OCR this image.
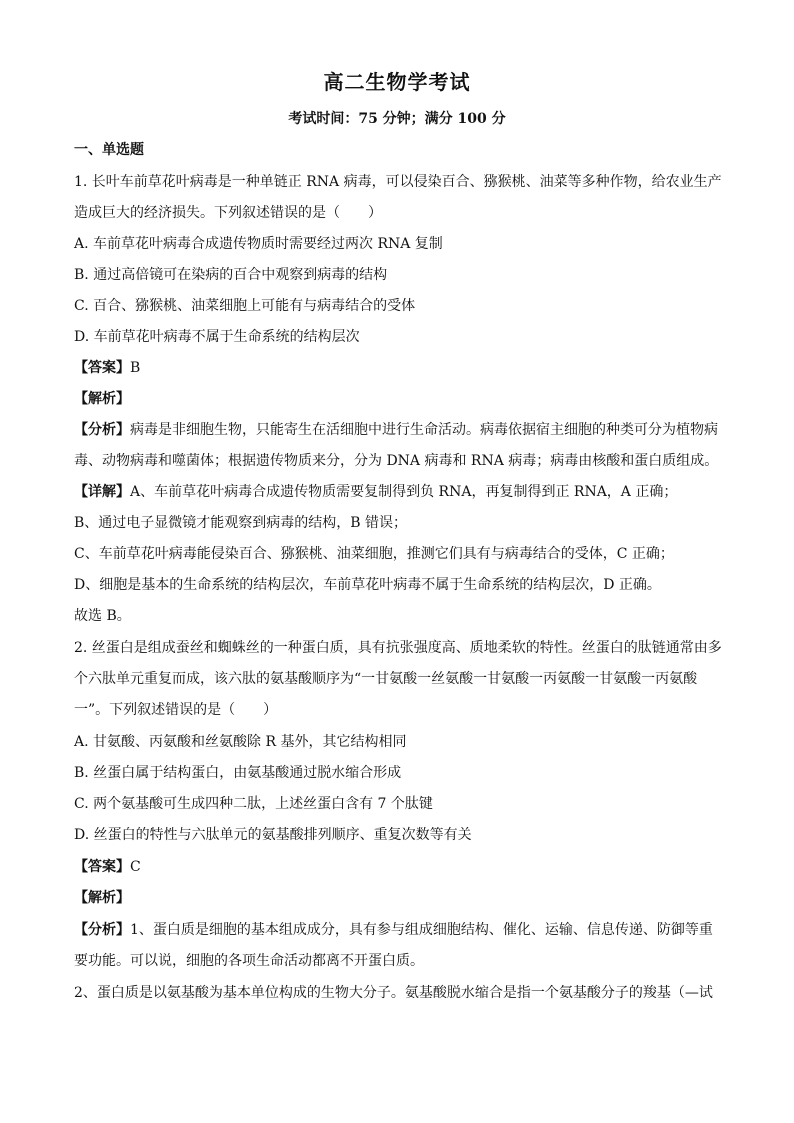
高二生物学考试
考试时间：75 分钟；满分 100 分
一、单选题
1. 长叶车前草花叶病毒是一种单链正 RNA 病毒，可以侵染百合、猕猴桃、油菜等多种作物，给农业生产
造成巨大的经济损失。下列叙述错误的是（　　）
A. 车前草花叶病毒合成遗传物质时需要经过两次 RNA 复制
B. 通过高倍镜可在染病的百合中观察到病毒的结构
C. 百合、猕猴桃、油菜细胞上可能有与病毒结合的受体
D. 车前草花叶病毒不属于生命系统的结构层次
【答案】B
【解析】
【分析】病毒是非细胞生物，只能寄生在活细胞中进行生命活动。病毒依据宿主细胞的种类可分为植物病
毒、动物病毒和噬菌体；根据遗传物质来分，分为 DNA 病毒和 RNA 病毒；病毒由核酸和蛋白质组成。
【详解】A、车前草花叶病毒合成遗传物质需要复制得到负 RNA，再复制得到正 RNA，A 正确；
B、通过电子显微镜才能观察到病毒的结构，B 错误；
C、车前草花叶病毒能侵染百合、猕猴桃、油菜细胞，推测它们具有与病毒结合的受体，C 正确；
D、细胞是基本的生命系统的结构层次，车前草花叶病毒不属于生命系统的结构层次，D 正确。
故选 B。
2. 丝蛋白是组成蚕丝和蜘蛛丝的一种蛋白质，具有抗张强度高、质地柔软的特性。丝蛋白的肽链通常由多
个六肽单元重复而成，该六肽的氨基酸顺序为“一甘氨酸一丝氨酸一甘氨酸一丙氨酸一甘氨酸一丙氨酸
一”。下列叙述错误的是（　　）
A. 甘氨酸、丙氨酸和丝氨酸除 R 基外，其它结构相同
B. 丝蛋白属于结构蛋白，由氨基酸通过脱水缩合形成
C. 两个氨基酸可生成四种二肽，上述丝蛋白含有 7 个肽键
D. 丝蛋白的特性与六肽单元的氨基酸排列顺序、重复次数等有关
【答案】C
【解析】
【分析】1、蛋白质是细胞的基本组成成分，具有参与组成细胞结构、催化、运输、信息传递、防御等重
要功能。可以说，细胞的各项生命活动都离不开蛋白质。
2、蛋白质是以氨基酸为基本单位构成的生物大分子。氨基酸脱水缩合是指一个氨基酸分子的羧基（—试
